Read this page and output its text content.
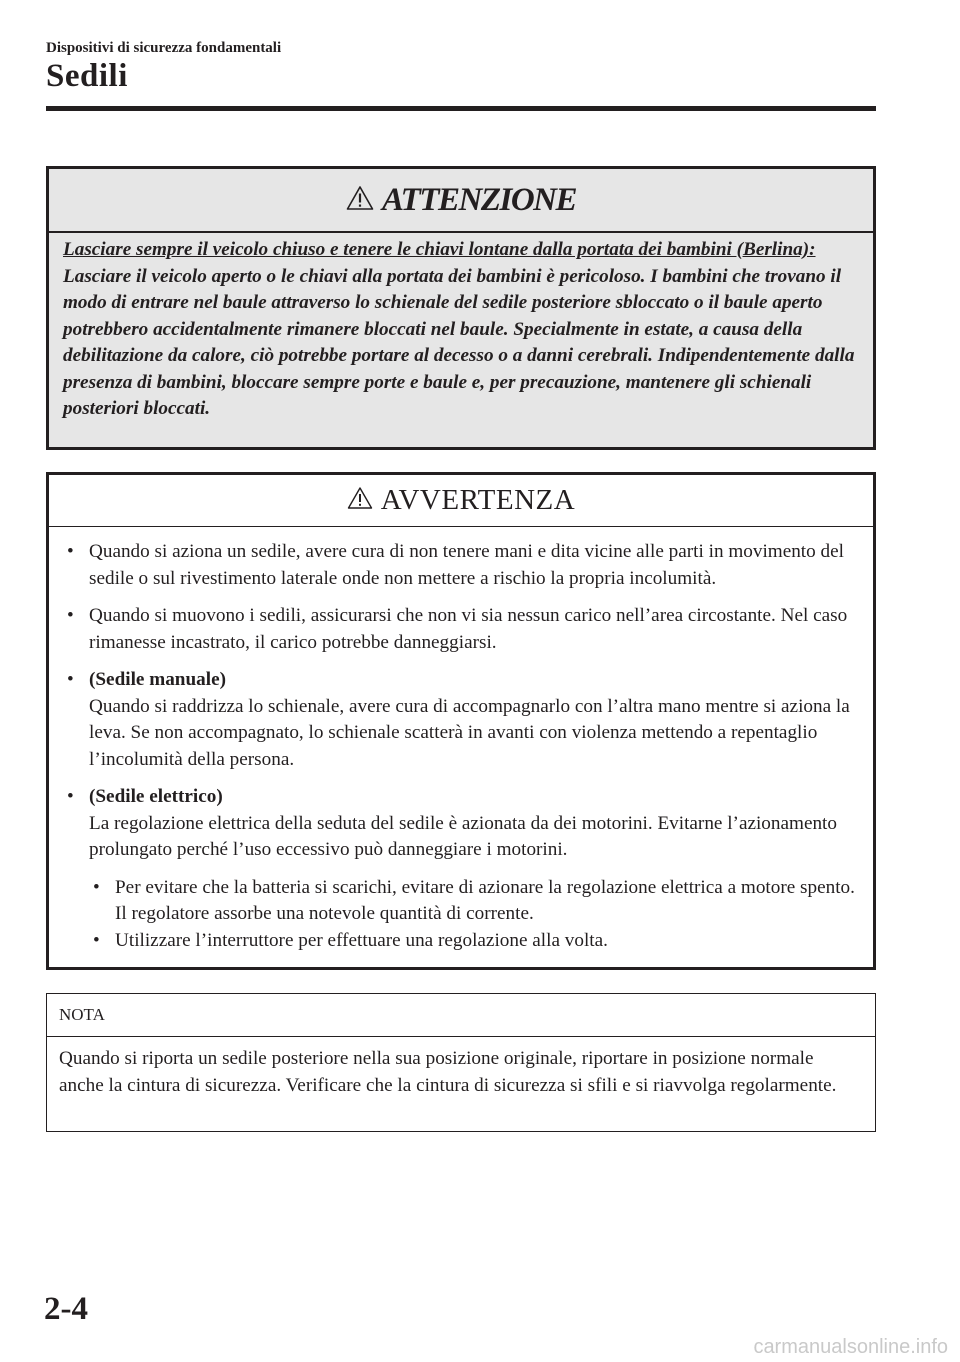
Dispositivi di sicurezza fondamentali

Sedili
ATTENZIONE

Lasciare sempre il veicolo chiuso e tenere le chiavi lontane dalla portata dei bambini (Berlina):

Lasciare il veicolo aperto o le chiavi alla portata dei bambini è pericoloso. I bambini che trovano il modo di entrare nel baule attraverso lo schienale del sedile posteriore sbloccato o il baule aperto potrebbero accidentalmente rimanere bloccati nel baule. Specialmente in estate, a causa della debilitazione da calore, ciò potrebbe portare al decesso o a danni cerebrali. Indipendentemente dalla presenza di bambini, bloccare sempre porte e baule e, per precauzione, mantenere gli schienali posteriori bloccati.

AVVERTENZA
• Quando si aziona un sedile, avere cura di non tenere mani e dita vicine alle parti in movimento del sedile o sul rivestimento laterale onde non mettere a rischio la propria incolumità.
• Quando si muovono i sedili, assicurarsi che non vi sia nessun carico nell’area circostante. Nel caso rimanesse incastrato, il carico potrebbe danneggiarsi.
• (Sedile manuale)
Quando si raddrizza lo schienale, avere cura di accompagnarlo con l’altra mano mentre si aziona la leva. Se non accompagnato, lo schienale scatterà in avanti con violenza mettendo a repentaglio l’incolumità della persona.
• (Sedile elettrico)
La regolazione elettrica della seduta del sedile è azionata da dei motorini. Evitarne l’azionamento prolungato perché l’uso eccessivo può danneggiare i motorini.
• Per evitare che la batteria si scarichi, evitare di azionare la regolazione elettrica a motore spento. Il regolatore assorbe una notevole quantità di corrente.
• Utilizzare l’interruttore per effettuare una regolazione alla volta.
NOTA

Quando si riporta un sedile posteriore nella sua posizione originale, riportare in posizione normale anche la cintura di sicurezza. Verificare che la cintura di sicurezza si sfili e si riavvolga regolarmente.

2-4

carmanualsonline.info
